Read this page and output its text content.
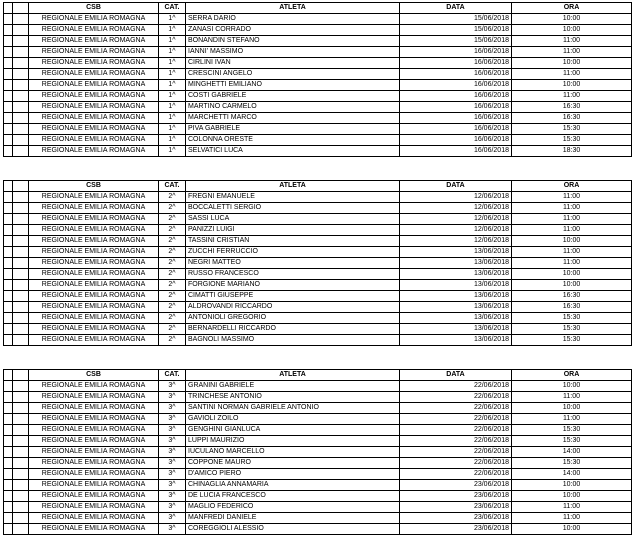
		CSB	CAT.	ATLETA	DATA	ORA
		REGIONALE EMILIA ROMAGNA	1^	SERRA DARIO	15/06/2018	10:00
		REGIONALE EMILIA ROMAGNA	1^	ZANASI CORRADO	15/06/2018	10:00
		REGIONALE EMILIA ROMAGNA	1^	BONANDIN STEFANO	15/06/2018	11:00
		REGIONALE EMILIA ROMAGNA	1^	IANNI' MASSIMO	16/06/2018	11:00
		REGIONALE EMILIA ROMAGNA	1^	CIRLINI IVAN	16/06/2018	10:00
		REGIONALE EMILIA ROMAGNA	1^	CRESCINI ANGELO	16/06/2018	11:00
		REGIONALE EMILIA ROMAGNA	1^	MINGHETTI EMILIANO	16/06/2018	10:00
		REGIONALE EMILIA ROMAGNA	1^	COSTI GABRIELE	16/06/2018	11:00
		REGIONALE EMILIA ROMAGNA	1^	MARTINO CARMELO	16/06/2018	16:30
		REGIONALE EMILIA ROMAGNA	1^	MARCHETTI MARCO	16/06/2018	16:30
		REGIONALE EMILIA ROMAGNA	1^	PIVA GABRIELE	16/06/2018	15:30
		REGIONALE EMILIA ROMAGNA	1^	COLONNA ORESTE	16/06/2018	15:30
		REGIONALE EMILIA ROMAGNA	1^	SELVATICI LUCA	16/06/2018	18:30
		CSB	CAT.	ATLETA	DATA	ORA
		REGIONALE EMILIA ROMAGNA	2^	FREGNI EMANUELE	12/06/2018	11:00
		REGIONALE EMILIA ROMAGNA	2^	BOCCALETTI SERGIO	12/06/2018	11:00
		REGIONALE EMILIA ROMAGNA	2^	SASSI LUCA	12/06/2018	11:00
		REGIONALE EMILIA ROMAGNA	2^	PANIZZI LUIGI	12/06/2018	11:00
		REGIONALE EMILIA ROMAGNA	2^	TASSINI CRISTIAN	12/06/2018	10:00
		REGIONALE EMILIA ROMAGNA	2^	ZUCCHI FERRUCCIO	13/06/2018	11:00
		REGIONALE EMILIA ROMAGNA	2^	NEGRI MATTEO	13/06/2018	11:00
		REGIONALE EMILIA ROMAGNA	2^	RUSSO FRANCESCO	13/06/2018	10:00
		REGIONALE EMILIA ROMAGNA	2^	FORGIONE MARIANO	13/06/2018	10:00
		REGIONALE EMILIA ROMAGNA	2^	CIMATTI GIUSEPPE	13/06/2018	16:30
		REGIONALE EMILIA ROMAGNA	2^	ALDROVANDI RICCARDO	13/06/2018	16:30
		REGIONALE EMILIA ROMAGNA	2^	ANTONIOLI GREGORIO	13/06/2018	15:30
		REGIONALE EMILIA ROMAGNA	2^	BERNARDELLI RICCARDO	13/06/2018	15:30
		REGIONALE EMILIA ROMAGNA	2^	BAGNOLI MASSIMO	13/06/2018	15:30
		CSB	CAT.	ATLETA	DATA	ORA
		REGIONALE EMILIA ROMAGNA	3^	GRANINI GABRIELE	22/06/2018	10:00
		REGIONALE EMILIA ROMAGNA	3^	TRINCHESE ANTONIO	22/06/2018	11:00
		REGIONALE EMILIA ROMAGNA	3^	SANTINI NORMAN GABRIELE ANTONIO	22/06/2018	10:00
		REGIONALE EMILIA ROMAGNA	3^	GAVIOLI ZOILO	22/06/2018	11:00
		REGIONALE EMILIA ROMAGNA	3^	GENGHINI GIANLUCA	22/06/2018	15:30
		REGIONALE EMILIA ROMAGNA	3^	LUPPI MAURIZIO	22/06/2018	15:30
		REGIONALE EMILIA ROMAGNA	3^	IUCULANO MARCELLO	22/06/2018	14:00
		REGIONALE EMILIA ROMAGNA	3^	COPPONE MAURO	22/06/2018	15:30
		REGIONALE EMILIA ROMAGNA	3^	D'AMICO PIERO	22/06/2018	14:00
		REGIONALE EMILIA ROMAGNA	3^	CHINAGLIA ANNAMARIA	23/06/2018	10:00
		REGIONALE EMILIA ROMAGNA	3^	DE LUCIA FRANCESCO	23/06/2018	10:00
		REGIONALE EMILIA ROMAGNA	3^	MAGLIO FEDERICO	23/06/2018	11:00
		REGIONALE EMILIA ROMAGNA	3^	MANFREDI DANIELE	23/06/2018	11:00
		REGIONALE EMILIA ROMAGNA	3^	COREGGIOLI ALESSIO	23/06/2018	10:00
